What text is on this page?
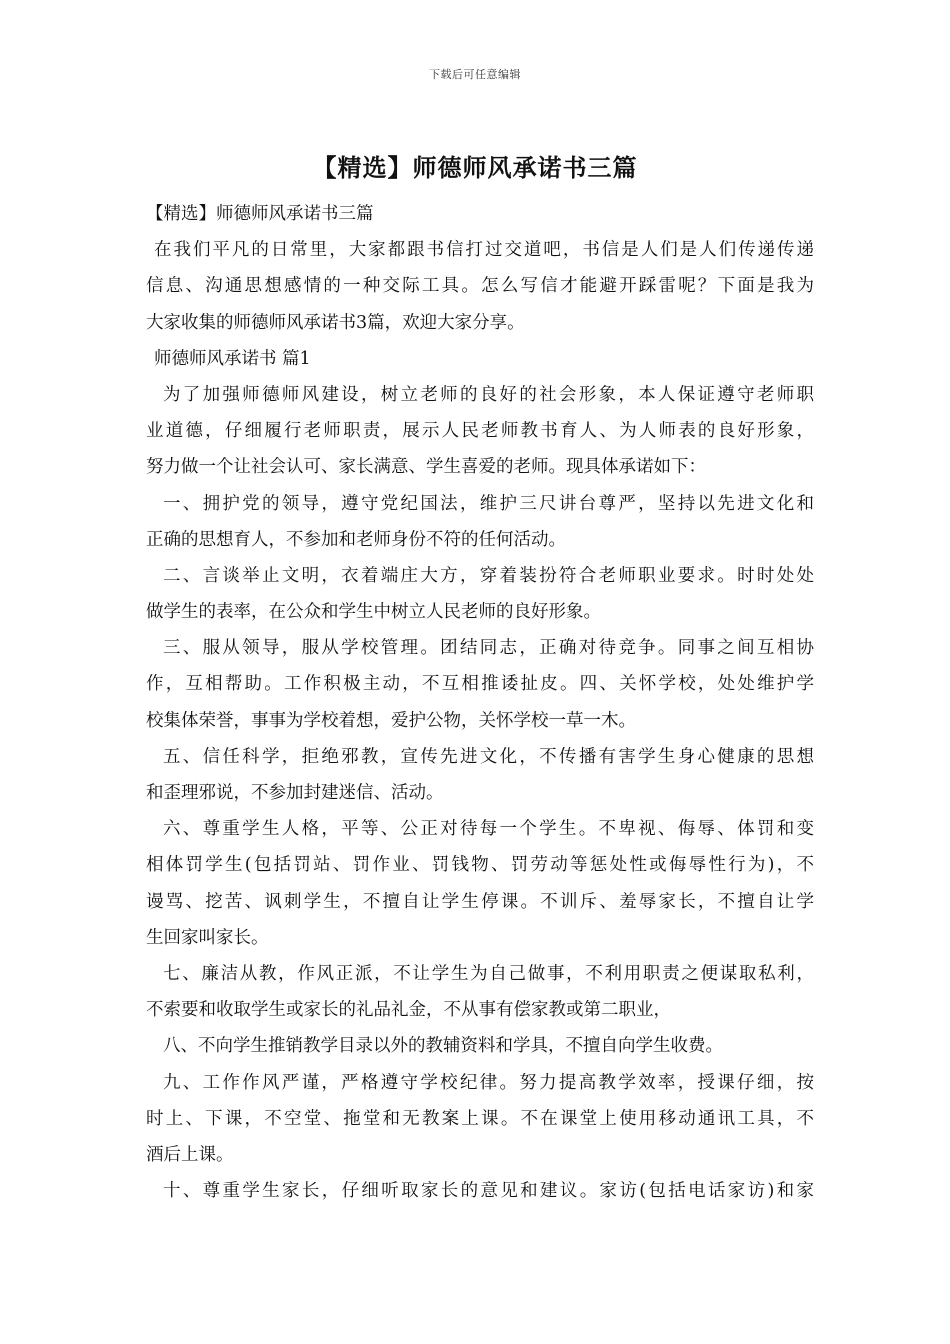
下载后可任意编辑
【精选】师德师风承诺书三篇
【精选】师德师风承诺书三篇
在我们平凡的日常里，大家都跟书信打过交道吧，书信是人们是人们传递传递
信息、沟通思想感情的一种交际工具。怎么写信才能避开踩雷呢？下面是我为
大家收集的师德师风承诺书3篇，欢迎大家分享。
师德师风承诺书 篇1
为了加强师德师风建设，树立老师的良好的社会形象，本人保证遵守老师职
业道德，仔细履行老师职责，展示人民老师教书育人、为人师表的良好形象，
努力做一个让社会认可、家长满意、学生喜爱的老师。现具体承诺如下：
一、拥护党的领导，遵守党纪国法，维护三尺讲台尊严，坚持以先进文化和
正确的思想育人，不参加和老师身份不符的任何活动。
二、言谈举止文明，衣着端庄大方，穿着装扮符合老师职业要求。时时处处
做学生的表率，在公众和学生中树立人民老师的良好形象。
三、服从领导，服从学校管理。团结同志，正确对待竞争。同事之间互相协
作，互相帮助。工作积极主动，不互相推诿扯皮。四、关怀学校，处处维护学
校集体荣誉，事事为学校着想，爱护公物，关怀学校一草一木。
五、信任科学，拒绝邪教，宣传先进文化，不传播有害学生身心健康的思想
和歪理邪说，不参加封建迷信、活动。
六、尊重学生人格，平等、公正对待每一个学生。不卑视、侮辱、体罚和变
相体罚学生(包括罚站、罚作业、罚钱物、罚劳动等惩处性或侮辱性行为)，不
谩骂、挖苦、讽刺学生，不擅自让学生停课。不训斥、羞辱家长，不擅自让学
生回家叫家长。
七、廉洁从教，作风正派，不让学生为自己做事，不利用职责之便谋取私利，
不索要和收取学生或家长的礼品礼金，不从事有偿家教或第二职业，
八、不向学生推销教学目录以外的教辅资料和学具，不擅自向学生收费。
九、工作作风严谨，严格遵守学校纪律。努力提高教学效率，授课仔细，按
时上、下课，不空堂、拖堂和无教案上课。不在课堂上使用移动通讯工具，不
酒后上课。
十、尊重学生家长，仔细听取家长的意见和建议。家访(包括电话家访)和家
